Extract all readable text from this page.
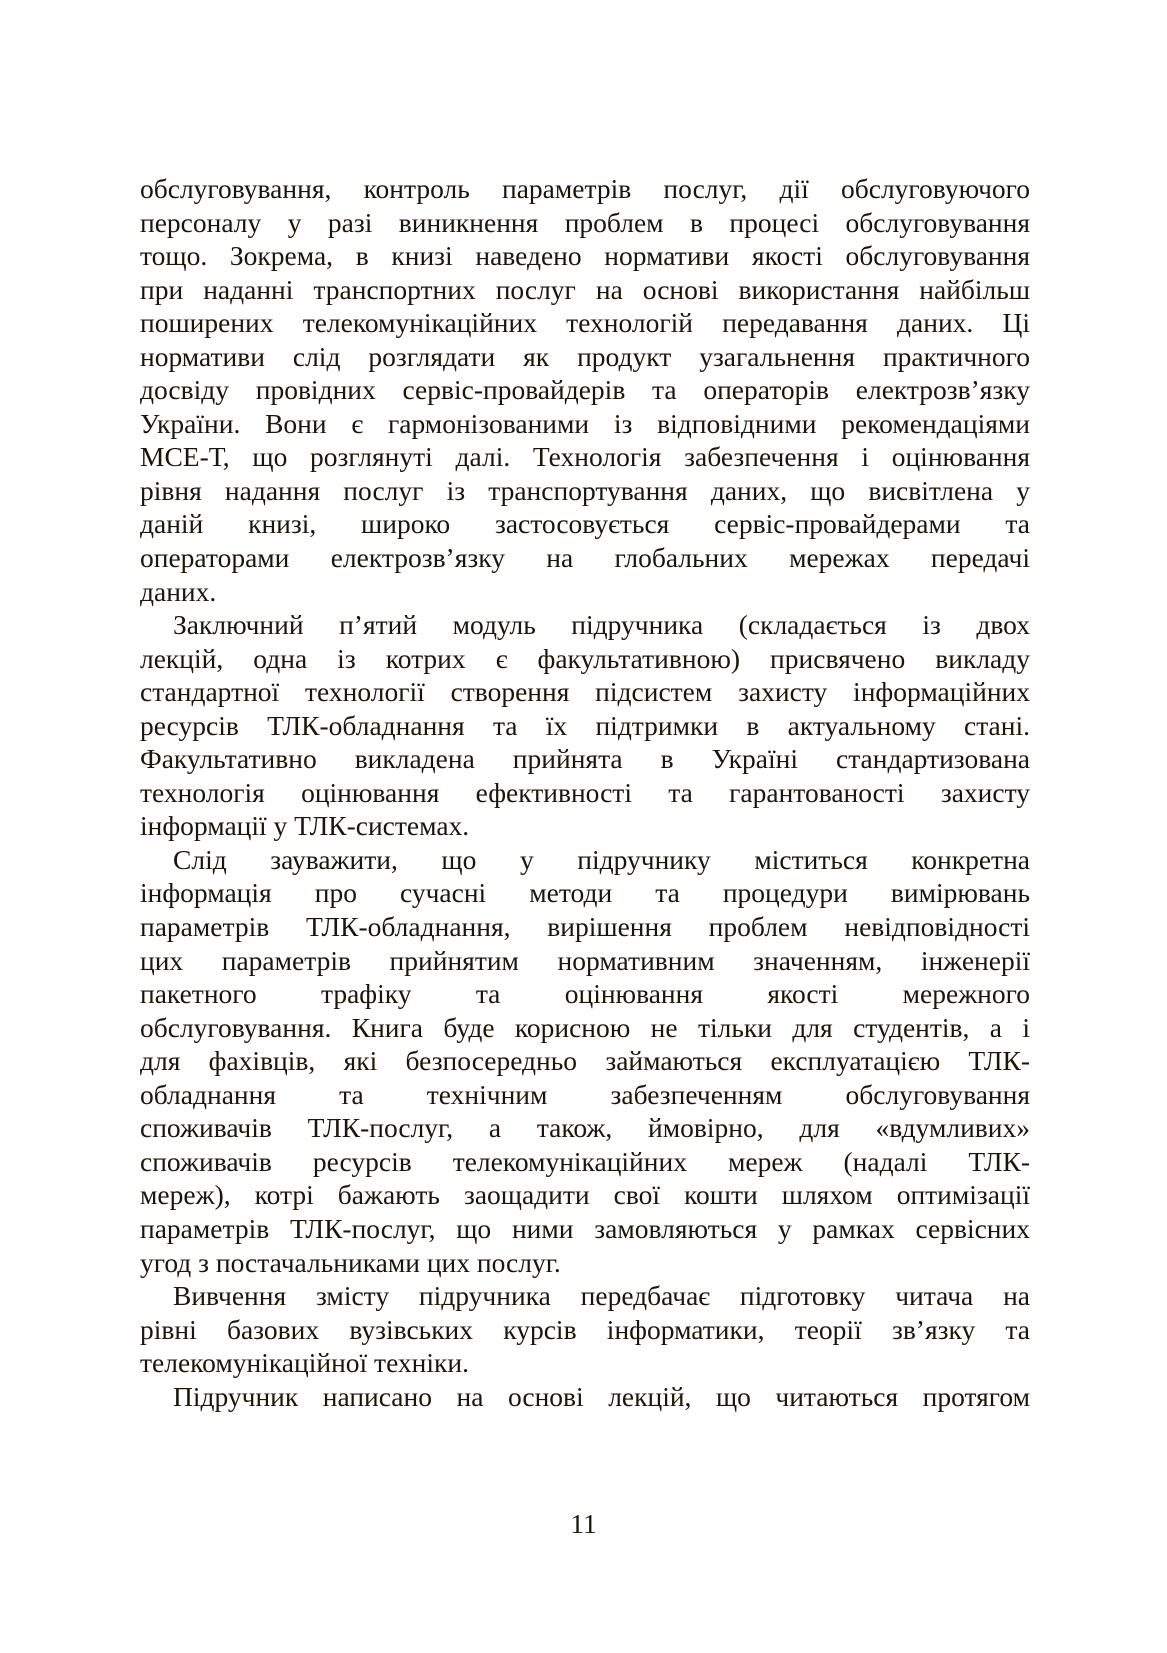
обслуговування, контроль параметрів послуг, дії обслуговуючого
персоналу у разі виникнення проблем в процесі обслуговування
тощо. Зокрема, в книзі наведено нормативи якості обслуговування
при наданні транспортних послуг на основі використання найбільш
поширених телекомунікаційних технологій передавання даних. Ці
нормативи слід розглядати як продукт узагальнення практичного
досвіду провідних сервіс-провайдерів та операторів електрозв’язку
України. Вони є гармонізованими із відповідними рекомендаціями
МСЕ-Т, що розглянуті далі. Технологія забезпечення і оцінювання
рівня надання послуг із транспортування даних, що висвітлена у
даній книзі, широко застосовується сервіс-провайдерами та
операторами електрозв’язку на глобальних мережах передачі
даних.
Заключний п’ятий модуль підручника (складається із двох
лекцій, одна із котрих є факультативною) присвячено викладу
стандартної технології створення підсистем захисту інформаційних
ресурсів ТЛК-обладнання та їх підтримки в актуальному стані.
Факультативно викладена прийнята в Україні стандартизована
технологія оцінювання ефективності та гарантованості захисту
інформації у ТЛК-системах.
Слід зауважити, що у підручнику міститься конкретна
інформація про сучасні методи та процедури вимірювань
параметрів ТЛК-обладнання, вирішення проблем невідповідності
цих параметрів прийнятим нормативним значенням, інженерії
пакетного трафіку та оцінювання якості мережного
обслуговування. Книга буде корисною не тільки для студентів, а і
для фахівців, які безпосередньо займаються експлуатацією ТЛК-
обладнання та технічним забезпеченням обслуговування
споживачів ТЛК-послуг, а також, ймовірно, для «вдумливих»
споживачів ресурсів телекомунікаційних мереж (надалі ТЛК-
мереж), котрі бажають заощадити свої кошти шляхом оптимізації
параметрів ТЛК-послуг, що ними замовляються у рамках сервісних
угод з постачальниками цих послуг.
Вивчення змісту підручника передбачає підготовку читача на
рівні базових вузівських курсів інформатики, теорії зв’язку та
телекомунікаційної техніки.
Підручник написано на основі лекцій, що читаються протягом
11
